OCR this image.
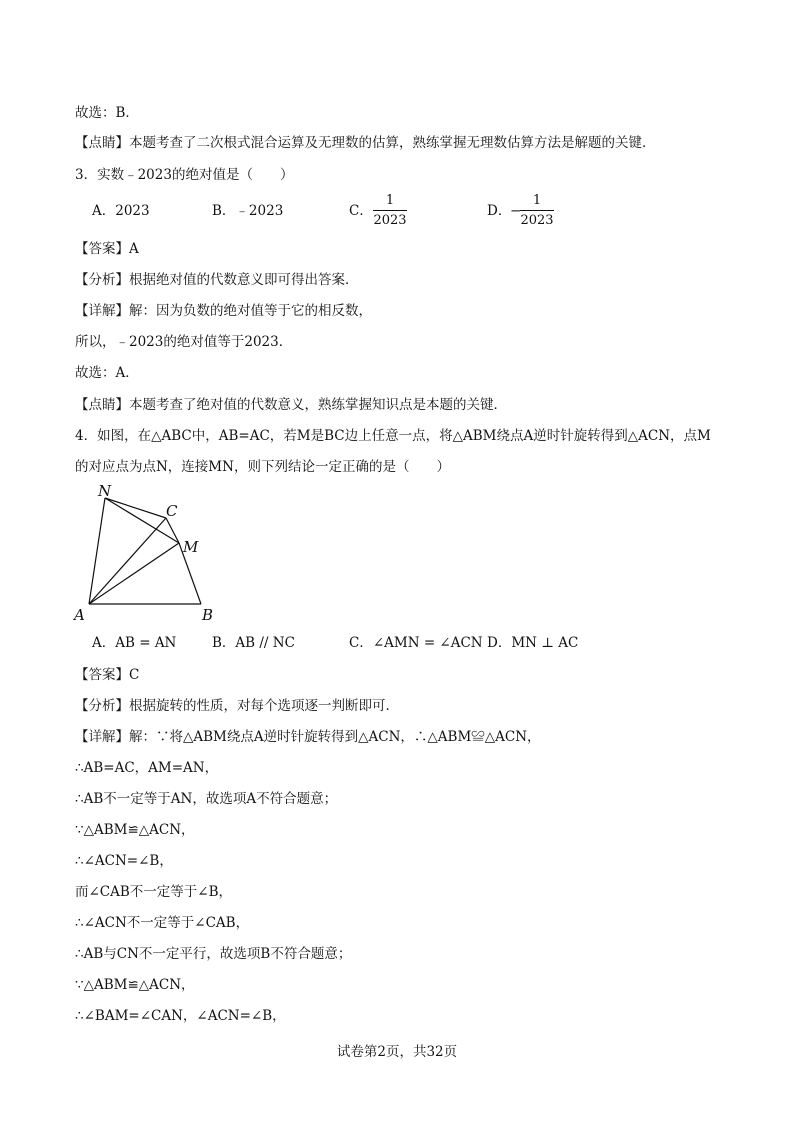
故选：B．
【点睛】本题考查了二次根式混合运算及无理数的估算，熟练掌握无理数估算方法是解题的关键．
3．实数﹣2023的绝对值是（　　）
A．2023	B．﹣2023	C．
1
2023
D．
−
1
2023
【答案】A
【分析】根据绝对值的代数意义即可得出答案．
【详解】解：因为负数的绝对值等于它的相反数，
所以，﹣2023的绝对值等于2023．
故选：A．
【点睛】本题考查了绝对值的代数意义，熟练掌握知识点是本题的关键．
4．如图，在△ABC中，AB=AC，若M是BC边上任意一点，将△ABM绕点A逆时针旋转得到△ACN，点M
的对应点为点N，连接MN，则下列结论一定正确的是（　　）
N
C
M
A	B
A．AB = AN	B．AB // NC	C．∠AMN = ∠ACN D．MN ⊥ AC
【答案】C
【分析】根据旋转的性质，对每个选项逐一判断即可．
【详解】解：∵将△ABM绕点A逆时针旋转得到△ACN，∴△ABM≌△ACN，
∴AB=AC，AM=AN，
∴AB不一定等于AN，故选项A不符合题意；
∵△ABM≌△ACN，
∴∠ACN=∠B，
而∠CAB不一定等于∠B，
∴∠ACN不一定等于∠CAB，
∴AB与CN不一定平行，故选项B不符合题意；
∵△ABM≌△ACN，
∴∠BAM=∠CAN，∠ACN=∠B，
试卷第2页，共32页
